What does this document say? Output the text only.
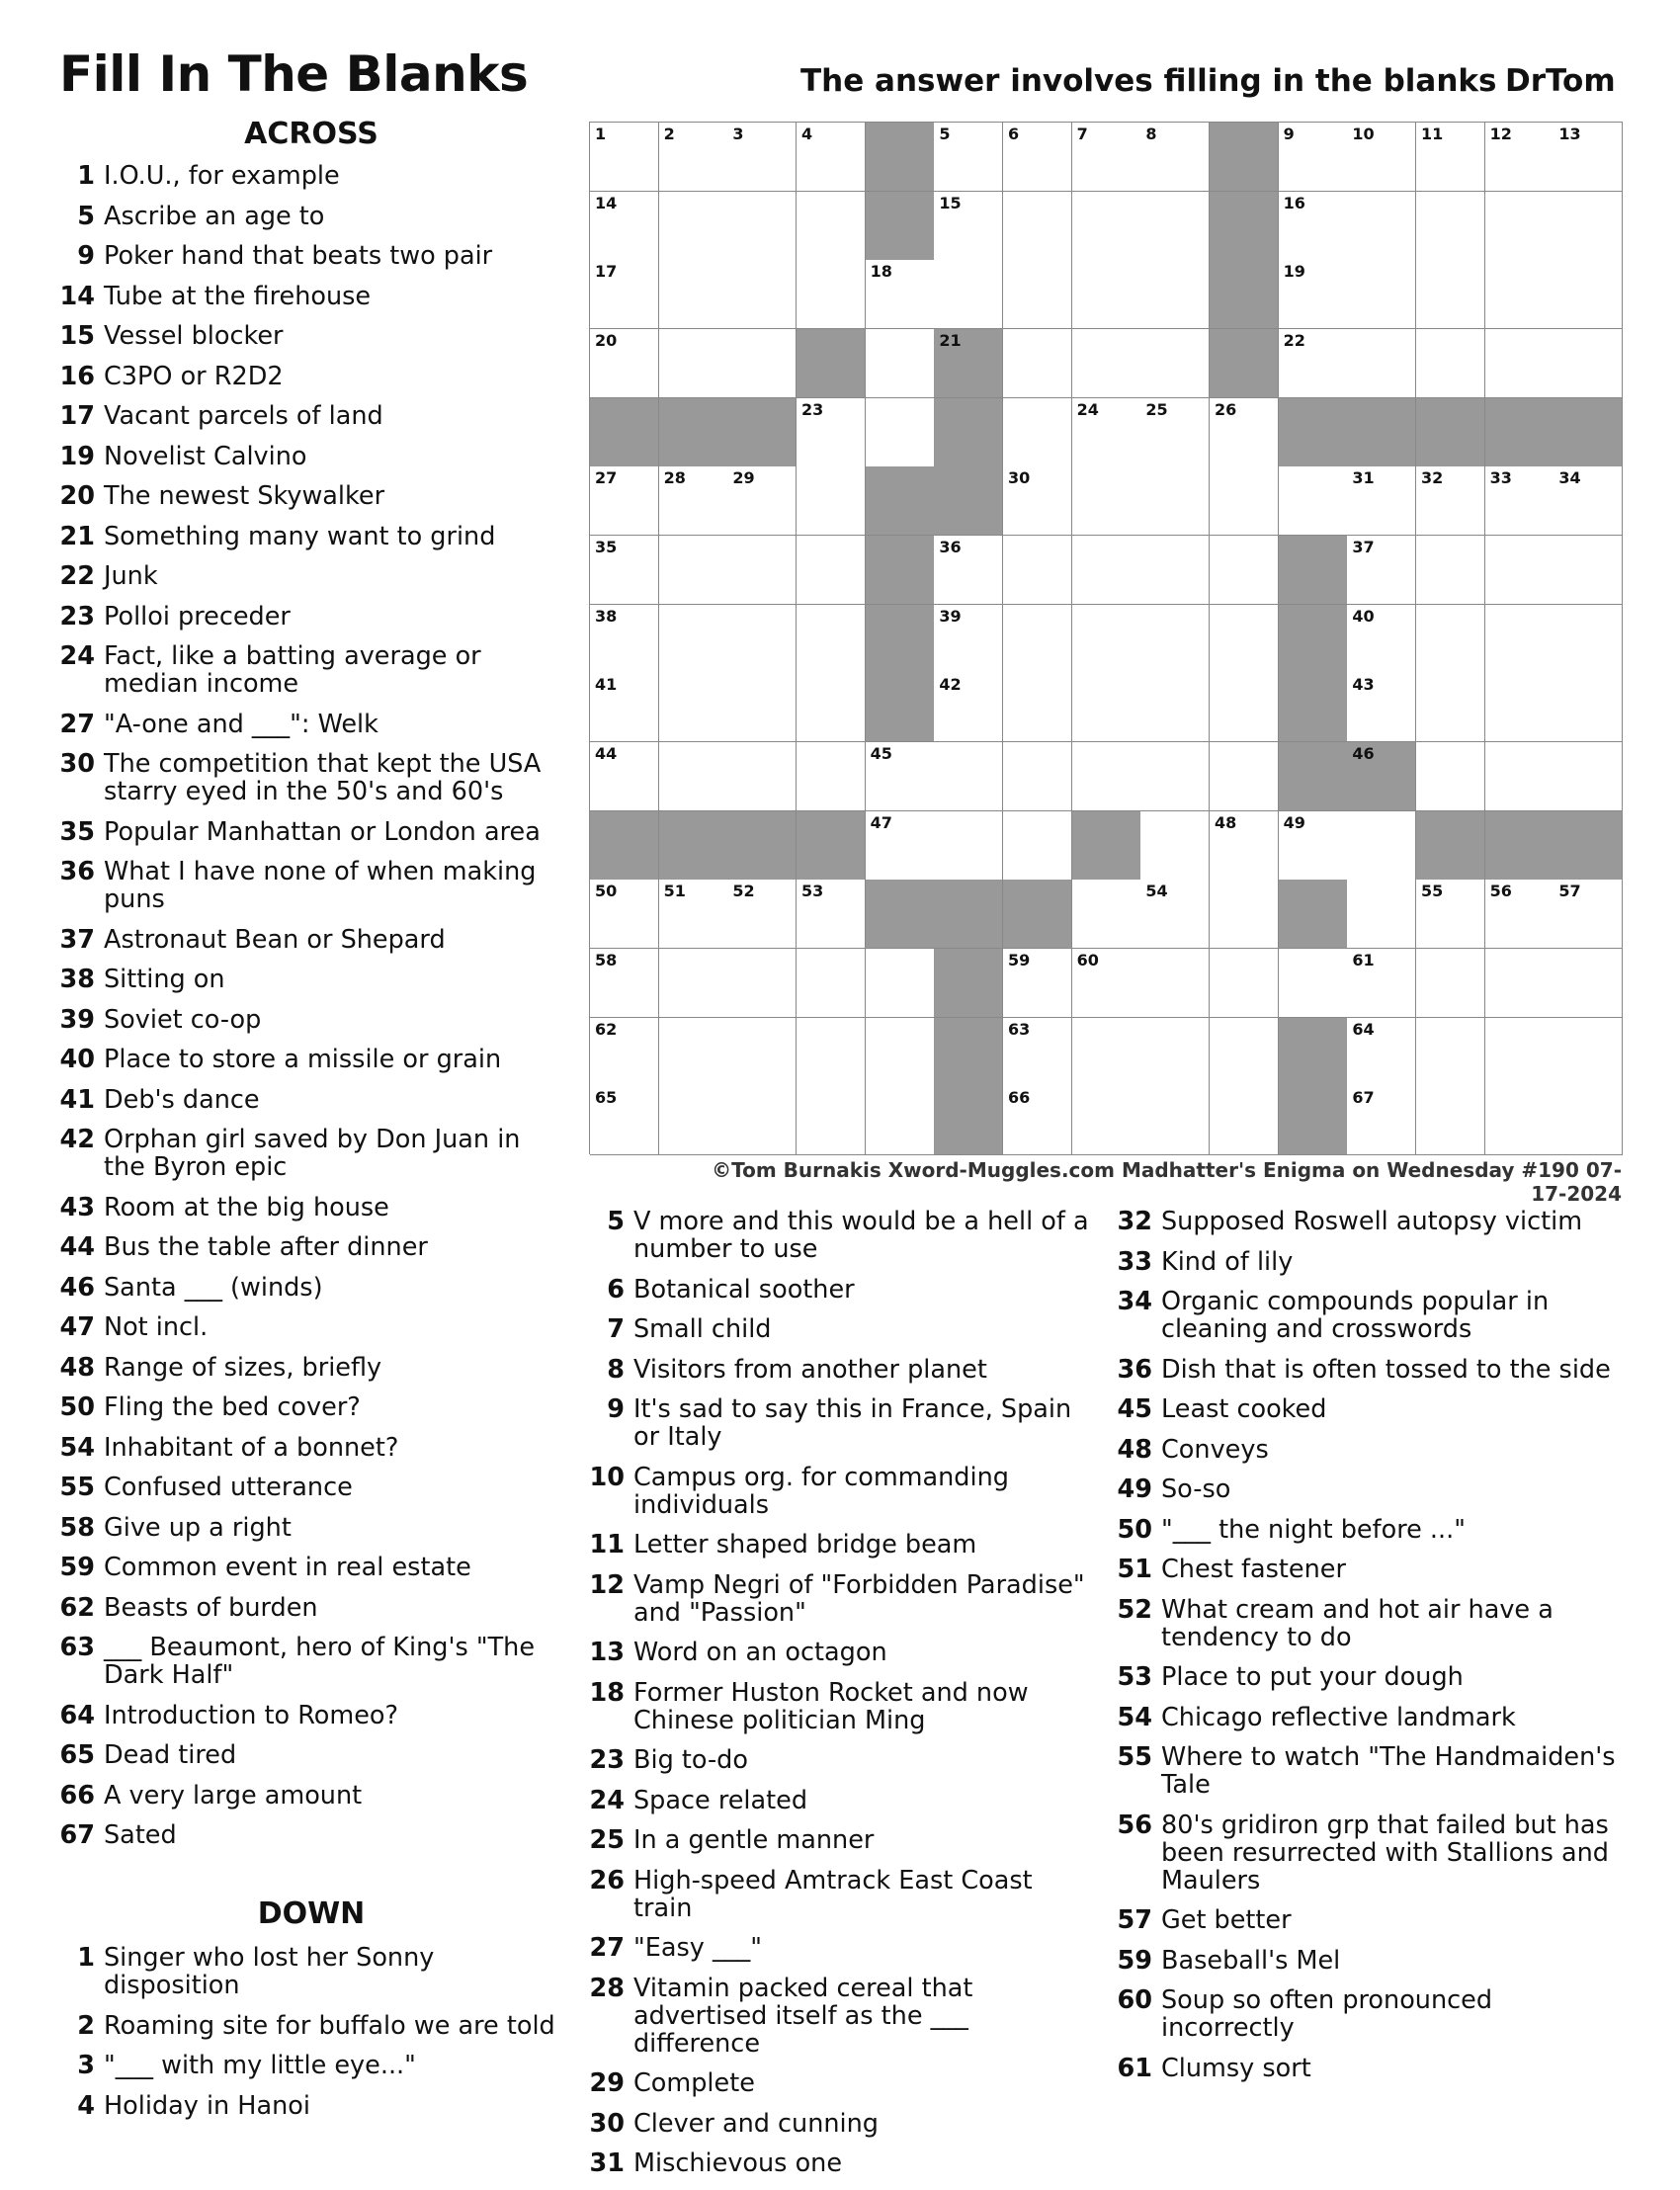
Fill In The Blanks	The answer involves filling in the blanks DrTom
ACROSS
1 I.O.U., for example
5 Ascribe an age to
9 Poker hand that beats two pair
14 Tube at the firehouse
15 Vessel blocker
16 C3PO or R2D2
17 Vacant parcels of land
19 Novelist Calvino
20 The newest Skywalker
21 Something many want to grind
22 Junk
23 Polloi preceder
24 Fact, like a batting average or median income
27 "A-one and ___": Welk
30 The competition that kept the USA starry eyed in the 50's and 60's
35 Popular Manhattan or London area
36 What I have none of when making puns
37 Astronaut Bean or Shepard
38 Sitting on
39 Soviet co-op
40 Place to store a missile or grain
41 Deb's dance
42 Orphan girl saved by Don Juan in the Byron epic
43 Room at the big house
44 Bus the table after dinner
46 Santa ___ (winds)
47 Not incl.
48 Range of sizes, briefly
50 Fling the bed cover?
54 Inhabitant of a bonnet?
55 Confused utterance
58 Give up a right
59 Common event in real estate
62 Beasts of burden
63 ___ Beaumont, hero of King's "The Dark Half"
64 Introduction to Romeo?
65 Dead tired
66 A very large amount
67 Sated
DOWN
1 Singer who lost her Sonny disposition
2 Roaming site for buffalo we are told
3 "___ with my little eye..."
4 Holiday in Hanoi
5 V more and this would be a hell of a number to use
6 Botanical soother
7 Small child
8 Visitors from another planet
9 It's sad to say this in France, Spain or Italy
10 Campus org. for commanding individuals
11 Letter shaped bridge beam
12 Vamp Negri of "Forbidden Paradise" and "Passion"
13 Word on an octagon
18 Former Huston Rocket and now Chinese politician Ming
23 Big to-do
24 Space related
25 In a gentle manner
26 High-speed Amtrack East Coast train
27 "Easy ___"
28 Vitamin packed cereal that advertised itself as the ___ difference
29 Complete
30 Clever and cunning
31 Mischievous one
32 Supposed Roswell autopsy victim
33 Kind of lily
34 Organic compounds popular in cleaning and crosswords
36 Dish that is often tossed to the side
45 Least cooked
48 Conveys
49 So-so
50 "___ the night before ..."
51 Chest fastener
52 What cream and hot air have a tendency to do
53 Place to put your dough
54 Chicago reflective landmark
55 Where to watch "The Handmaiden's Tale
56 80's gridiron grp that failed but has been resurrected with Stallions and Maulers
57 Get better
59 Baseball's Mel
60 Soup so often pronounced incorrectly
61 Clumsy sort
1	2	3	4	5	6	7	8	9	10	11	12	13
14	15	16
17	18	19
20	21	22
23	24	25	26
27	28	29	30	31	32	33	34
35	36	37
38	39	40
41	42	43
44	45	46
47	48	49
50	51	52	53	54	55	56	57
58	59	60	61
62	63	64
65	66	67
©Tom Burnakis Xword-Muggles.com Madhatter's Enigma on Wednesday #190 07-17-2024
